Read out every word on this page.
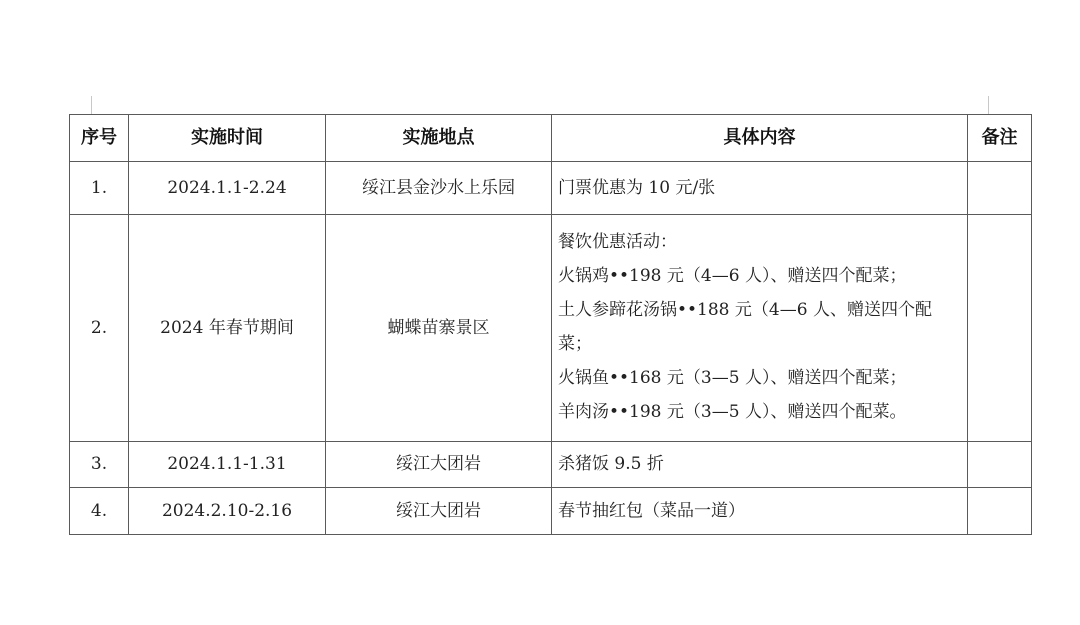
序号	实施时间	实施地点	具体内容	备注
1.	2024.1.1-2.24	绥江县金沙水上乐园	门票优惠为 10 元/张	

2.	2024 年春节期间	蝴蝶苗寨景区	餐饮优惠活动：
火锅鸡••198 元（4—6 人）、赠送四个配菜；
土人参蹄花汤锅••188 元（4—6 人、赠送四个配菜；
火锅鱼••168 元（3—5 人）、赠送四个配菜；
羊肉汤••198 元（3—5 人）、赠送四个配菜。	

3.	2024.1.1-1.31	绥江大团岩	杀猪饭 9.5 折	

4.	2024.2.10-2.16	绥江大团岩	春节抽红包（菜品一道）	
